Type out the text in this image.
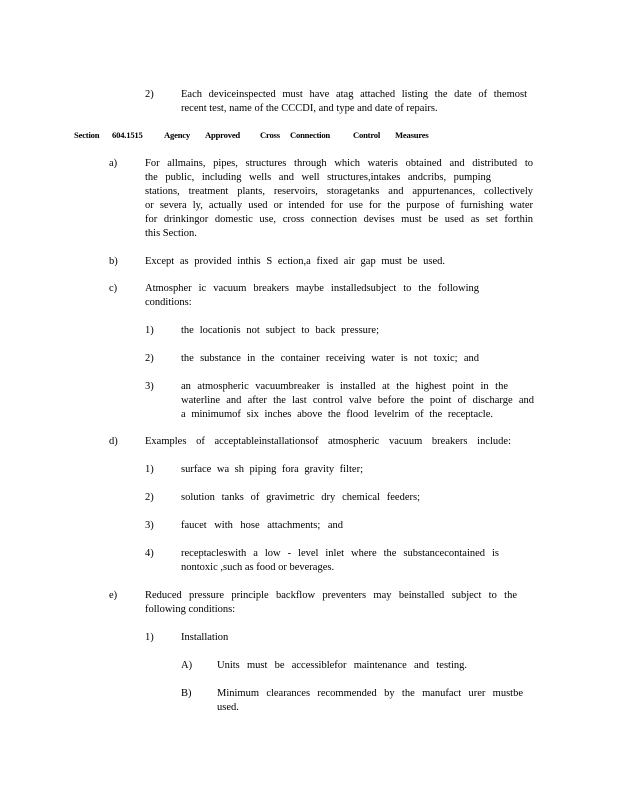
2)	Each deviceinspected must have atag attached listing the date of themost
recent test, name of the CCCDI, and type and date of repairs.
Section 604.1515 Agency Approved Cross Connection	Control Measures
a)	For allmains, pipes, structures through which wateris obtained and distributed to
the public, including wells and well structures,intakes andcribs, pumping
stations, treatment plants, reservoirs, storagetanks and appurtenances, collectively
or severa ly, actually used or intended for use for the purpose of furnishing water
for drinkingor domestic use, cross connection devises must be used as set forthin
this Section.
b)	Except as provided inthis S ection,a fixed air gap must be used.
c)	Atmospher ic vacuum breakers maybe installedsubject to the following
conditions:
1)	the locationis not subject to back pressure;
2)	the substance in the container receiving water is not toxic; and
3)	an atmospheric vacuumbreaker is installed at the highest point in the
waterline and after the last control valve before the point of discharge and
a minimumof six inches above the flood levelrim of the receptacle.
d)	Examples of acceptableinstallationsof atmospheric vacuum breakers include:
1)	surface wa sh piping fora gravity filter;
2)	solution tanks of gravimetric dry chemical feeders;
3)	faucet with hose attachments; and
4)	receptacleswith a low - level inlet where the substancecontained is
nontoxic ,such as food or beverages.
e)	Reduced pressure principle backflow preventers may beinstalled subject to the
following conditions:
1)	Installation
A) Units must be accessiblefor maintenance and testing.
B) Minimum clearances recommended by the manufact urer mustbe
used.
